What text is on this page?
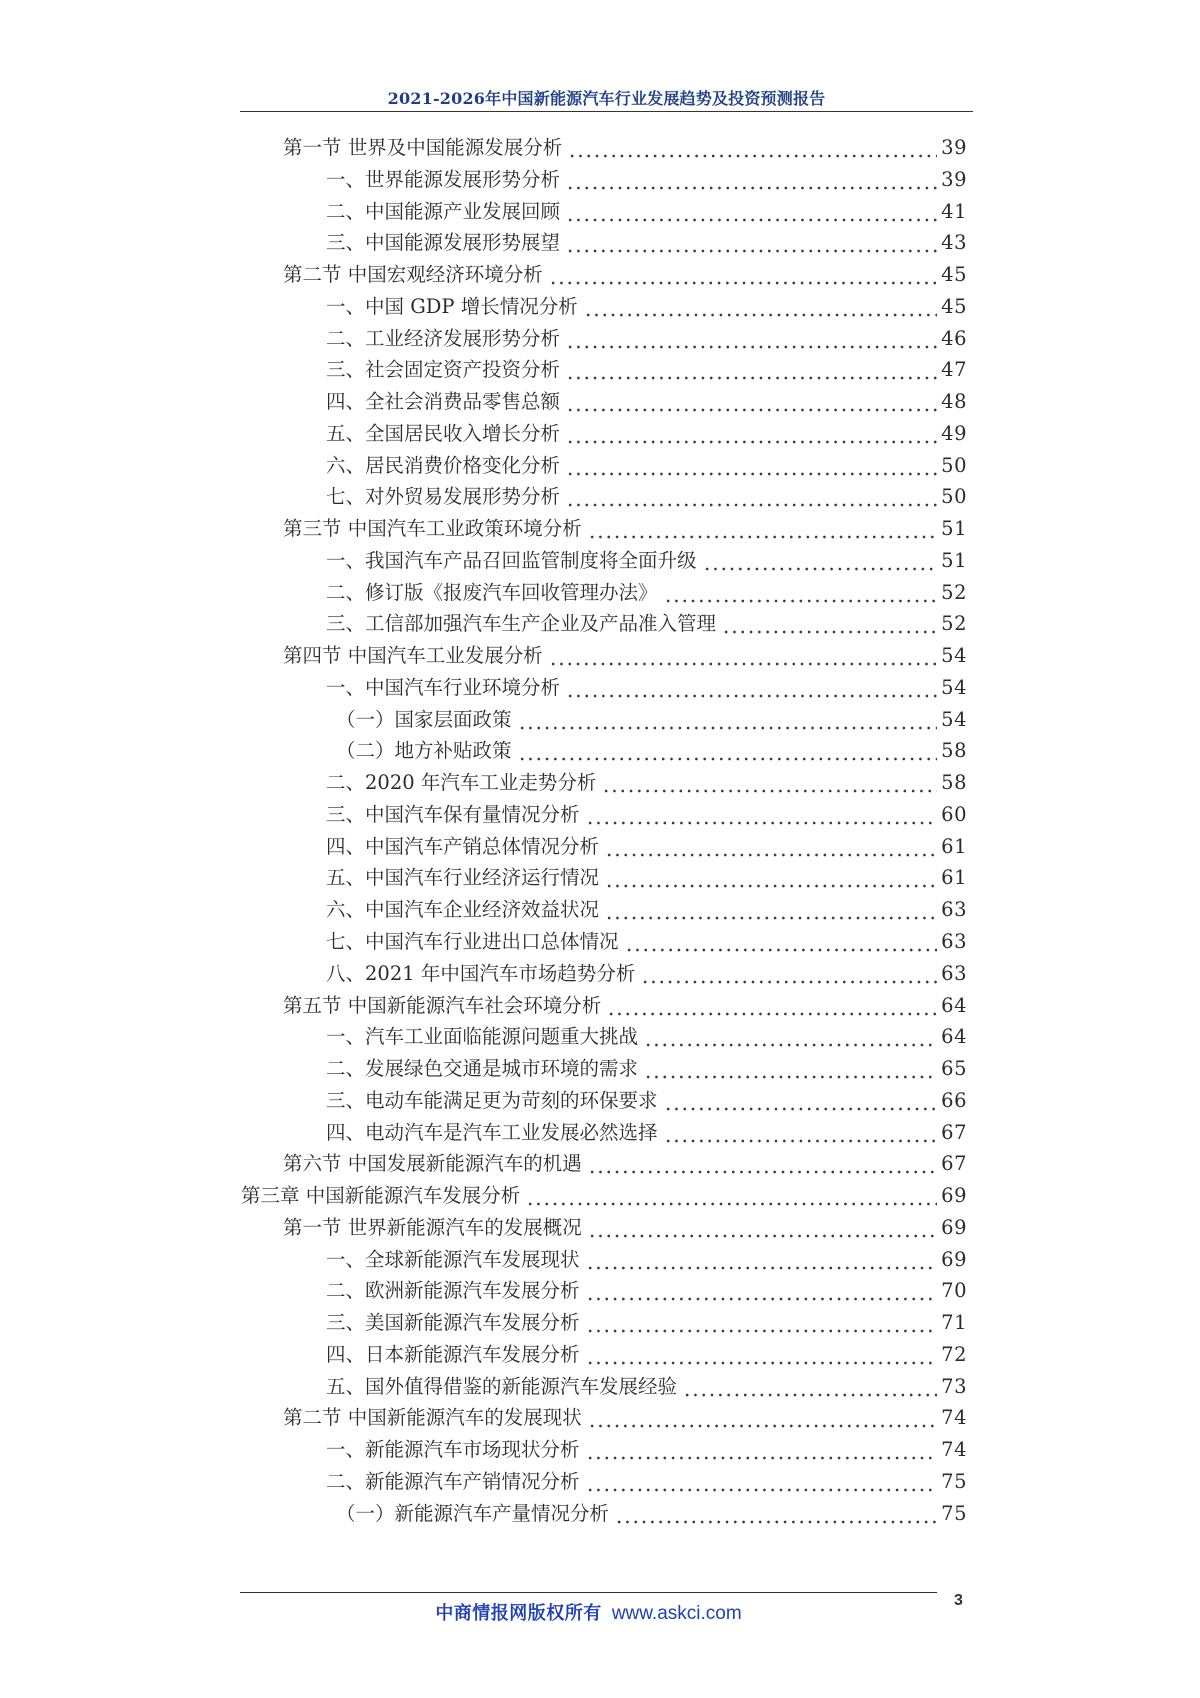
2021-2026年中国新能源汽车行业发展趋势及投资预测报告
第一节 世界及中国能源发展分析	39
一、世界能源发展形势分析	39
二、中国能源产业发展回顾	41
三、中国能源发展形势展望	43
第二节 中国宏观经济环境分析	45
一、中国 GDP 增长情况分析	45
二、工业经济发展形势分析	46
三、社会固定资产投资分析	47
四、全社会消费品零售总额	48
五、全国居民收入增长分析	49
六、居民消费价格变化分析	50
七、对外贸易发展形势分析	50
第三节 中国汽车工业政策环境分析	51
一、我国汽车产品召回监管制度将全面升级	51
二、修订版《报废汽车回收管理办法》	52
三、工信部加强汽车生产企业及产品准入管理	52
第四节 中国汽车工业发展分析	54
一、中国汽车行业环境分析	54
（一）国家层面政策	54
（二）地方补贴政策	58
二、2020 年汽车工业走势分析	58
三、中国汽车保有量情况分析	60
四、中国汽车产销总体情况分析	61
五、中国汽车行业经济运行情况	61
六、中国汽车企业经济效益状况	63
七、中国汽车行业进出口总体情况	63
八、2021 年中国汽车市场趋势分析	63
第五节 中国新能源汽车社会环境分析	64
一、汽车工业面临能源问题重大挑战	64
二、发展绿色交通是城市环境的需求	65
三、电动车能满足更为苛刻的环保要求	66
四、电动汽车是汽车工业发展必然选择	67
第六节 中国发展新能源汽车的机遇	67
第三章 中国新能源汽车发展分析	69
第一节 世界新能源汽车的发展概况	69
一、全球新能源汽车发展现状	69
二、欧洲新能源汽车发展分析	70
三、美国新能源汽车发展分析	71
四、日本新能源汽车发展分析	72
五、国外值得借鉴的新能源汽车发展经验	73
第二节 中国新能源汽车的发展现状	74
一、新能源汽车市场现状分析	74
二、新能源汽车产销情况分析	75
（一）新能源汽车产量情况分析	75
中商情报网版权所有 www.askci.com
3
